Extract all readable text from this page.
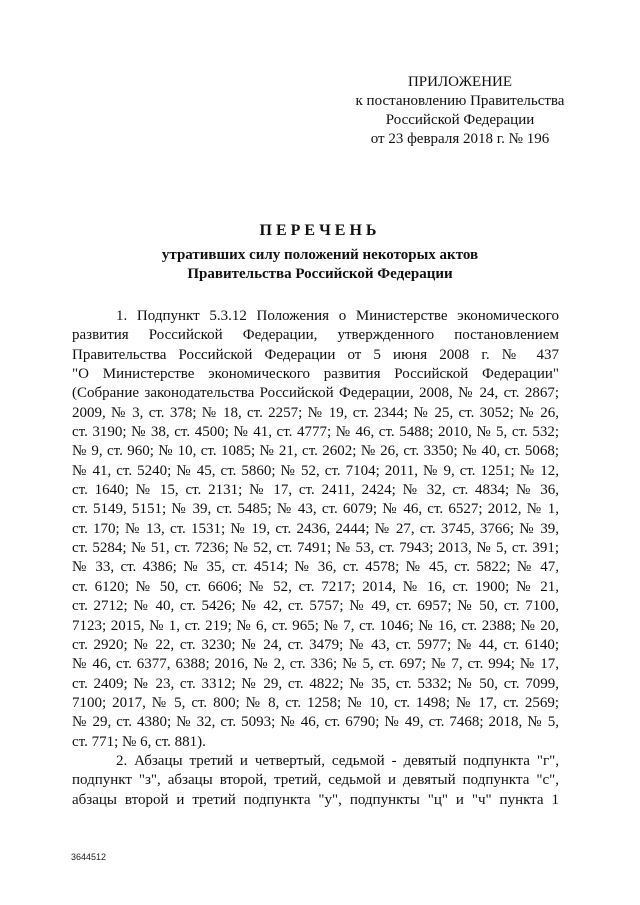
ПРИЛОЖЕНИЕ
к постановлению Правительства
Российской Федерации
от 23 февраля 2018 г. № 196
ПЕРЕЧЕНЬ
утративших силу положений некоторых актов
Правительства Российской Федерации
1. Подпункт 5.3.12 Положения о Министерстве экономического
развития Российской Федерации, утвержденного постановлением
Правительства Российской Федерации от 5 июня 2008 г. № 437
"О Министерстве экономического развития Российской Федерации"
(Собрание законодательства Российской Федерации, 2008, № 24, ст. 2867;
2009, № 3, ст. 378; № 18, ст. 2257; № 19, ст. 2344; № 25, ст. 3052; № 26,
ст. 3190; № 38, ст. 4500; № 41, ст. 4777; № 46, ст. 5488; 2010, № 5, ст. 532;
№ 9, ст. 960; № 10, ст. 1085; № 21, ст. 2602; № 26, ст. 3350; № 40, ст. 5068;
№ 41, ст. 5240; № 45, ст. 5860; № 52, ст. 7104; 2011, № 9, ст. 1251; № 12,
ст. 1640; № 15, ст. 2131; № 17, ст. 2411, 2424; № 32, ст. 4834; № 36,
ст. 5149, 5151; № 39, ст. 5485; № 43, ст. 6079; № 46, ст. 6527; 2012, № 1,
ст. 170; № 13, ст. 1531; № 19, ст. 2436, 2444; № 27, ст. 3745, 3766; № 39,
ст. 5284; № 51, ст. 7236; № 52, ст. 7491; № 53, ст. 7943; 2013, № 5, ст. 391;
№ 33, ст. 4386; № 35, ст. 4514; № 36, ст. 4578; № 45, ст. 5822; № 47,
ст. 6120; № 50, ст. 6606; № 52, ст. 7217; 2014, № 16, ст. 1900; № 21,
ст. 2712; № 40, ст. 5426; № 42, ст. 5757; № 49, ст. 6957; № 50, ст. 7100,
7123; 2015, № 1, ст. 219; № 6, ст. 965; № 7, ст. 1046; № 16, ст. 2388; № 20,
ст. 2920; № 22, ст. 3230; № 24, ст. 3479; № 43, ст. 5977; № 44, ст. 6140;
№ 46, ст. 6377, 6388; 2016, № 2, ст. 336; № 5, ст. 697; № 7, ст. 994; № 17,
ст. 2409; № 23, ст. 3312; № 29, ст. 4822; № 35, ст. 5332; № 50, ст. 7099,
7100; 2017, № 5, ст. 800; № 8, ст. 1258; № 10, ст. 1498; № 17, ст. 2569;
№ 29, ст. 4380; № 32, ст. 5093; № 46, ст. 6790; № 49, ст. 7468; 2018, № 5,
ст. 771; № 6, ст. 881).
2. Абзацы третий и четвертый, седьмой - девятый подпункта "г",
подпункт "з", абзацы второй, третий, седьмой и девятый подпункта "с",
абзацы второй и третий подпункта "у", подпункты "ц" и "ч" пункта 1
3644512
